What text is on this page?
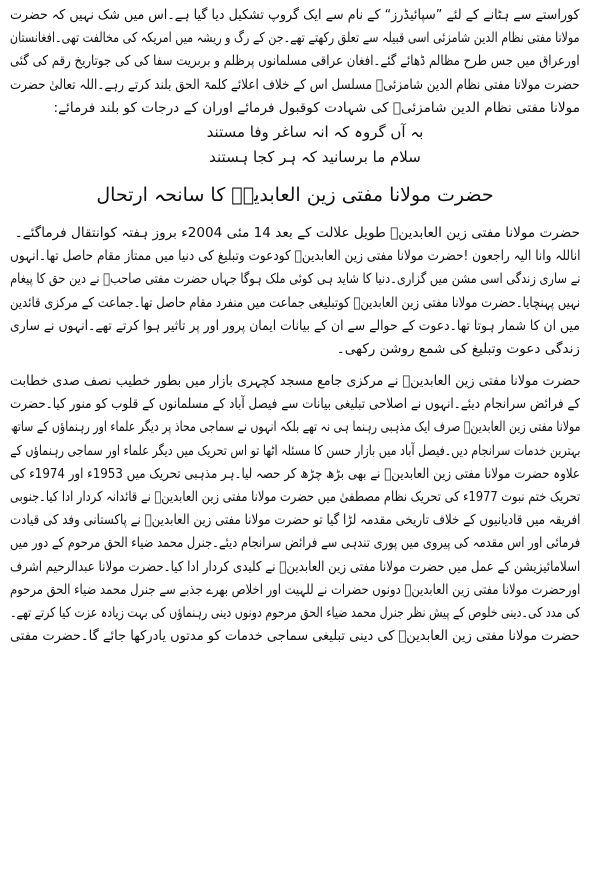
کوراستے سے ہٹانے کے لئے ”سپائیڈرز“ کے نام سے ایک گروپ تشکیل دیا گیا ہے۔اس میں شک نہیں کہ حضرت
مولانا مفتی نظام الدین شامزئی اسی قبیلہ سے تعلق رکھتے تھے۔جن کے رگ و ریشہ میں امریکہ کی مخالفت تھی۔افغانستان
اورعراق میں جس طرح مظالم ڈھائے گئے۔افغان عراقی مسلمانوں پرظلم و بربریت سفا کی کی جوتاریخ رقم کی گئی
حضرت مولانا مفتی نظام الدین شامزئیؒ مسلسل اس کے خلاف اعلائے کلمۃ الحق بلند کرتے رہے۔اللہ تعالیٰ حضرت
مولانا مفتی نظام الدین شامزئیؒ کی شہادت کوقبول فرمائے اوران کے درجات کو بلند فرمائے:
بہ آں گروہ کہ انہ ساغر وفا مستند
سلام ما برسانید کہ ہر کجا ہستند
حضرت مولانا مفتی زین العابدینؒ کا سانحہ ارتحال
حضرت مولانا مفتی زین العابدینؒ طویل علالت کے بعد 14 مئی 2004ء بروز ہفتہ کوانتقال فرماگئے۔
اناللہ وانا الیہ راجعون !حضرت مولانا مفتی زین العابدینؒ کودعوت وتبلیغ کی دنیا میں ممتاز مقام حاصل تھا۔انہوں
نے ساری زندگی اسی مشن میں گزاری۔دنیا کا شاید ہی کوئی ملک ہوگا جہاں حضرت مفتی صاحبؒ نے دین حق کا پیغام
نہیں پہنچایا۔حضرت مولانا مفتی زین العابدینؒ کوتبلیغی جماعت میں منفرد مقام حاصل تھا۔جماعت کے مرکزی قائدین
میں ان کا شمار ہوتا تھا۔دعوت کے حوالے سے ان کے بیانات ایمان پرور اور پر تاثیر ہوا کرتے تھے۔انہوں نے ساری
زندگی دعوت وتبلیغ کی شمع روشن رکھی۔
حضرت مولانا مفتی زین العابدینؒ نے مرکزی جامع مسجد کچہری بازار میں بطور خطیب نصف صدی خطابت
کے فرائض سرانجام دیئے۔انہوں نے اصلاحی تبلیغی بیانات سے فیصل آباد کے مسلمانوں کے قلوب کو منور کیا۔حضرت
مولانا مفتی زین العابدینؒ صرف ایک مذہبی رہنما ہی نہ تھے بلکہ انہوں نے سماجی محاذ پر دیگر علماء اور رہنماؤں کے ساتھ
بہترین خدمات سرانجام دیں۔فیصل آباد میں بازار حسن کا مسئلہ اٹھا تو اس تحریک میں دیگر علماء اور سماجی رہنماؤں کے
علاوہ حضرت مولانا مفتی زین العابدینؒ نے بھی بڑھ چڑھ کر حصہ لیا۔ہر مذہبی تحریک میں 1953ء اور 1974ء کی
تحریک ختم نبوت 1977ء کی تحریک نظام مصطفیٰ میں حضرت مولانا مفتی زین العابدینؒ نے قائدانہ کردار ادا کیا۔جنوبی
افریقہ میں قادیانیوں کے خلاف تاریخی مقدمہ لڑا گیا تو حضرت مولانا مفتی زین العابدینؒ نے پاکستانی وفد کی قیادت
فرمائی اور اس مقدمہ کی پیروی میں پوری تندہی سے فرائض سرانجام دیئے۔جنرل محمد ضیاء الحق مرحوم کے دور میں
اسلامائیزیشن کے عمل میں حضرت مولانا مفتی زین العابدینؒ نے کلیدی کردار ادا کیا۔حضرت مولانا عبدالرحیم اشرف
اورحضرت مولانا مفتی زین العابدینؒ دونوں حضرات نے للہیت اور اخلاص بھرے جذبے سے جنرل محمد ضیاء الحق مرحوم
کی مدد کی۔دینی خلوص کے پیش نظر جنرل محمد ضیاء الحق مرحوم دونوں دینی رہنماؤں کی بہت زیادہ عزت کیا کرتے تھے۔
حضرت مولانا مفتی زین العابدینؒ کی دینی تبلیغی سماجی خدمات کو مدتوں یادرکھا جائے گا۔حضرت مفتی
